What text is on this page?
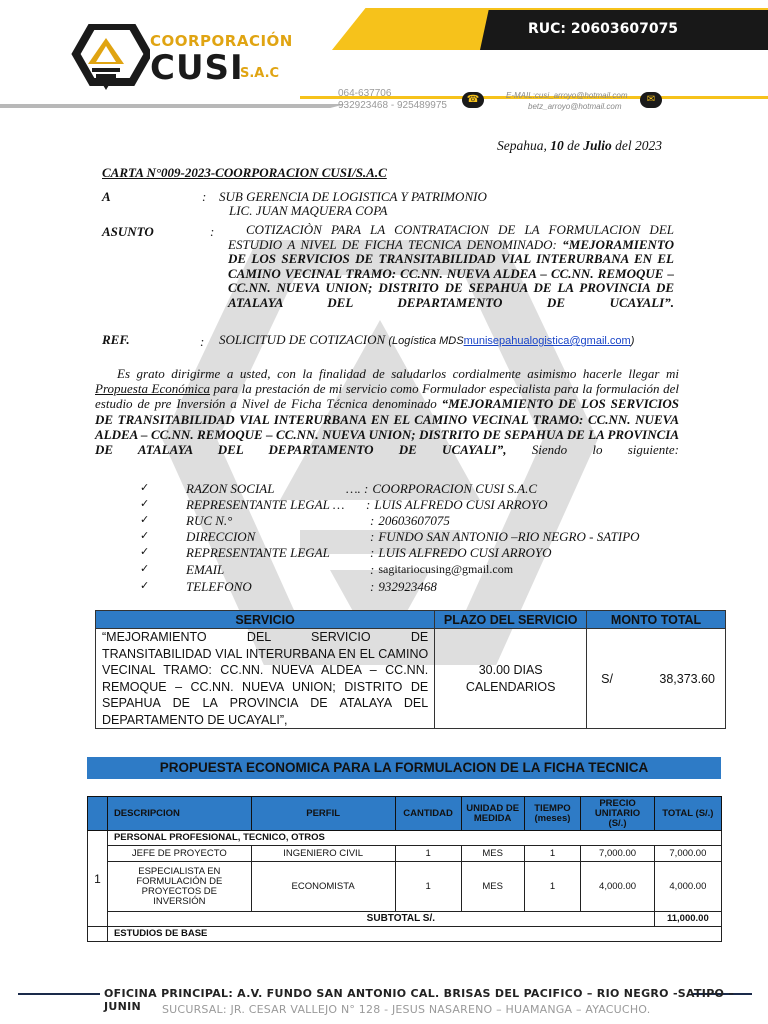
COORPORACIÓN
CUSI
S.A.C
RUC: 20603607075
064-637706
932923468 - 925489975
☎	E-MAIL:cusi_arroyo@hotmail.com
betz_arroyo@hotmail.com
✉
Sepahua, 10 de Julio del 2023
CARTA N°009-2023-COORPORACION CUSI/S.A.C
A	: SUB GERENCIA DE LOGISTICA Y PATRIMONIO
LIC. JUAN MAQUERA COPA
ASUNTO	:	COTIZACIÒN PARA LA CONTRATACION DE LA FORMULACION DEL ESTUDIO A NIVEL DE FICHA TECNICA DENOMINADO: “MEJORAMIENTO DE LOS SERVICIOS DE TRANSITABILIDAD VIAL INTERURBANA EN EL CAMINO VECINAL TRAMO: CC.NN. NUEVA ALDEA – CC.NN. REMOQUE – CC.NN. NUEVA UNION; DISTRITO DE SEPAHUA DE LA PROVINCIA DE ATALAYA DEL DEPARTAMENTO DE UCAYALI”.
REF.	: SOLICITUD DE COTIZACION (Logística MDSmunisepahualogistica@gmail.com)
Es grato dirigirme a usted, con la finalidad de saludarlos cordialmente asimismo hacerle llegar mi Propuesta Económica para la prestación de mi servicio como Formulador especialista para la formulación del estudio de pre Inversión a Nivel de Ficha Técnica denominado “MEJORAMIENTO DE LOS SERVICIOS DE TRANSITABILIDAD VIAL INTERURBANA EN EL CAMINO VECINAL TRAMO: CC.NN. NUEVA ALDEA – CC.NN. REMOQUE – CC.NN. NUEVA UNION; DISTRITO DE SEPAHUA DE LA PROVINCIA DE ATALAYA DEL DEPARTAMENTO DE UCAYALI”, Siendo lo siguiente:
✓	RAZON SOCIAL	…. : COORPORACION CUSI S.A.C
✓	REPRESENTANTE LEGAL …	: LUIS ALFREDO CUSI ARROYO
✓	RUC N.°	: 20603607075
✓	DIRECCION	: FUNDO SAN ANTONIO –RIO NEGRO - SATIPO
✓	REPRESENTANTE LEGAL	: LUIS ALFREDO CUSI ARROYO
✓	EMAIL	: sagitariocusing@gmail.com
✓	TELEFONO	: 932923468
SERVICIO	PLAZO DEL SERVICIO	MONTO TOTAL
“MEJORAMIENTO DEL SERVICIO DE TRANSITABILIDAD VIAL INTERURBANA EN EL CAMINO VECINAL TRAMO: CC.NN. NUEVA ALDEA – CC.NN. REMOQUE – CC.NN. NUEVA UNION; DISTRITO DE SEPAHUA DE LA PROVINCIA DE ATALAYA DEL DEPARTAMENTO DE UCAYALI”,	30.00 DIAS CALENDARIOS	S/ 38,373.60
PROPUESTA ECONOMICA PARA LA FORMULACION DE LA FICHA TECNICA
	DESCRIPCION	PERFIL	CANTIDAD	UNIDAD DE MEDIDA	TIEMPO (meses)	PRECIO UNITARIO (S/.)	TOTAL (S/.)
1	PERSONAL PROFESIONAL, TECNICO, OTROS						
	JEFE DE PROYECTO	INGENIERO CIVIL	1	MES	1	7,000.00	7,000.00
	ESPECIALISTA EN FORMULACIÓN DE PROYECTOS DE INVERSIÓN	ECONOMISTA	1	MES	1	4,000.00	4,000.00
	SUBTOTAL S/.						11,000.00
	ESTUDIOS DE BASE						
OFICINA PRINCIPAL: A.V. FUNDO SAN ANTONIO CAL. BRISAS DEL PACIFICO – RIO NEGRO -SATIPO – JUNIN	SUCURSAL: JR. CESAR VALLEJO N° 128 - JESUS NASARENO – HUAMANGA – AYACUCHO.
